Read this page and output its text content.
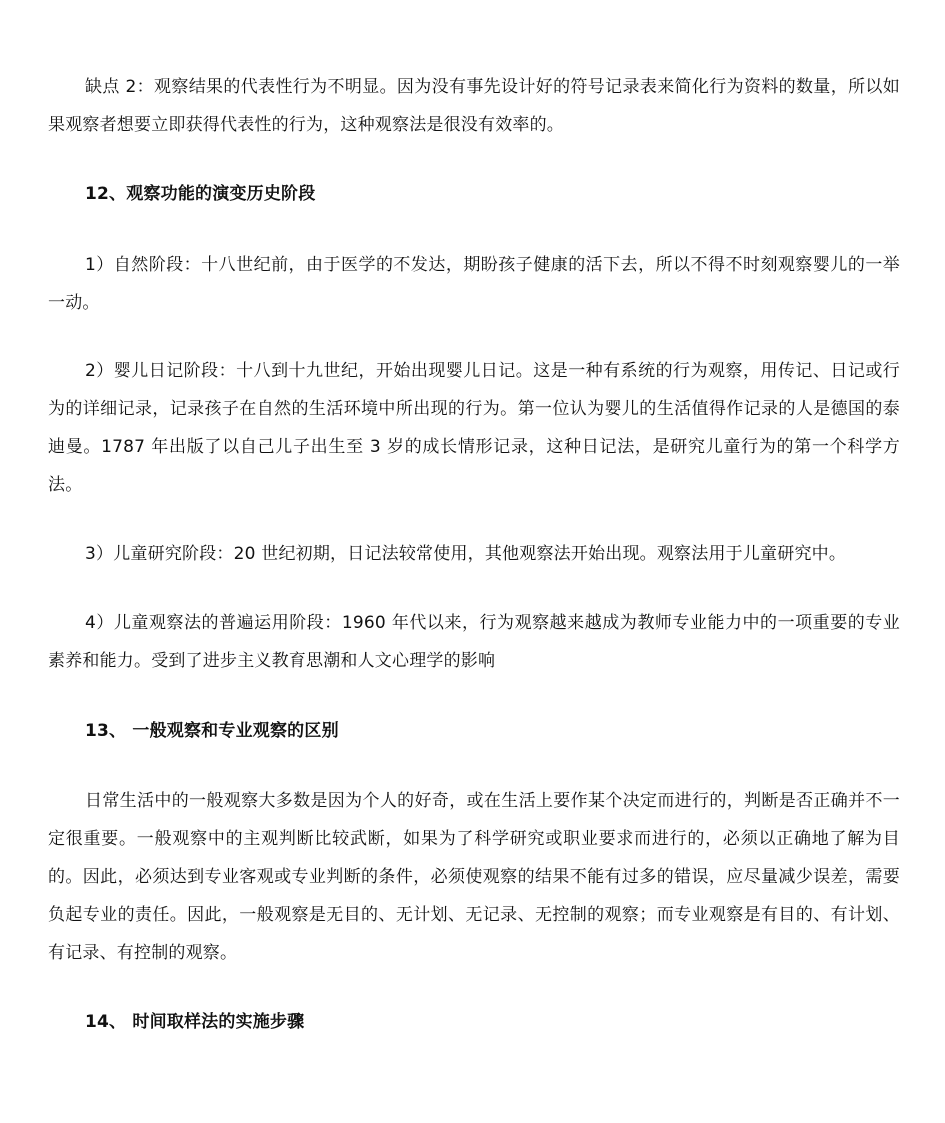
缺点 2：观察结果的代表性行为不明显。因为没有事先设计好的符号记录表来简化行为资料的数量，所以如果观察者想要立即获得代表性的行为，这种观察法是很没有效率的。

12、观察功能的演变历史阶段

1）自然阶段：十八世纪前，由于医学的不发达，期盼孩子健康的活下去，所以不得不时刻观察婴儿的一举一动。

2）婴儿日记阶段：十八到十九世纪，开始出现婴儿日记。这是一种有系统的行为观察，用传记、日记或行为的详细记录，记录孩子在自然的生活环境中所出现的行为。第一位认为婴儿的生活值得作记录的人是德国的泰迪曼。1787 年出版了以自己儿子出生至 3 岁的成长情形记录，这种日记法，是研究儿童行为的第一个科学方法。

3）儿童研究阶段：20 世纪初期，日记法较常使用，其他观察法开始出现。观察法用于儿童研究中。

4）儿童观察法的普遍运用阶段：1960 年代以来，行为观察越来越成为教师专业能力中的一项重要的专业素养和能力。受到了进步主义教育思潮和人文心理学的影响

13、 一般观察和专业观察的区别

日常生活中的一般观察大多数是因为个人的好奇，或在生活上要作某个决定而进行的，判断是否正确并不一定很重要。一般观察中的主观判断比较武断，如果为了科学研究或职业要求而进行的，必须以正确地了解为目的。因此，必须达到专业客观或专业判断的条件，必须使观察的结果不能有过多的错误，应尽量减少误差，需要负起专业的责任。因此，一般观察是无目的、无计划、无记录、无控制的观察；而专业观察是有目的、有计划、有记录、有控制的观察。

14、 时间取样法的实施步骤
